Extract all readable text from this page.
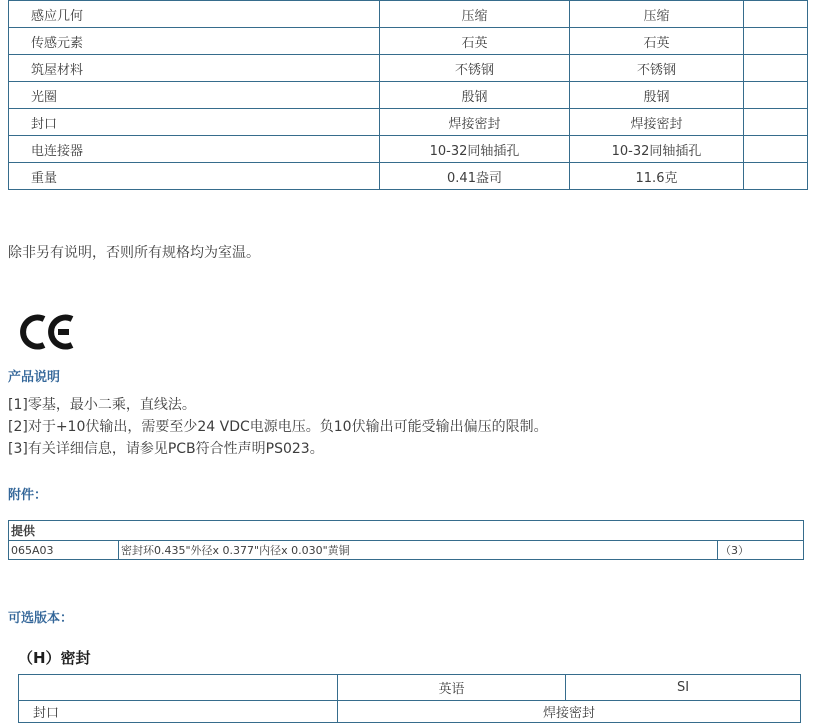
感应几何	压缩	压缩	
传感元素	石英	石英	
筑屋材料	不锈钢	不锈钢	
光圈	殷钢	殷钢	
封口	焊接密封	焊接密封	
电连接器	10-32同轴插孔	10-32同轴插孔	
重量	0.41盎司	11.6克	

除非另有说明，否则所有规格均为室温。

产品说明

[1]零基，最小二乘，直线法。

[2]对于+10伏输出，需要至少24 VDC电源电压。负10伏输出可能受输出偏压的限制。

[3]有关详细信息，请参见PCB符合性声明PS023。

附件：
提供
065A03	密封环0.435"外径x 0.377"内径x 0.030"黄铜	（3）
可选版本：
（H）密封
	英语	SI
封口	焊接密封	
